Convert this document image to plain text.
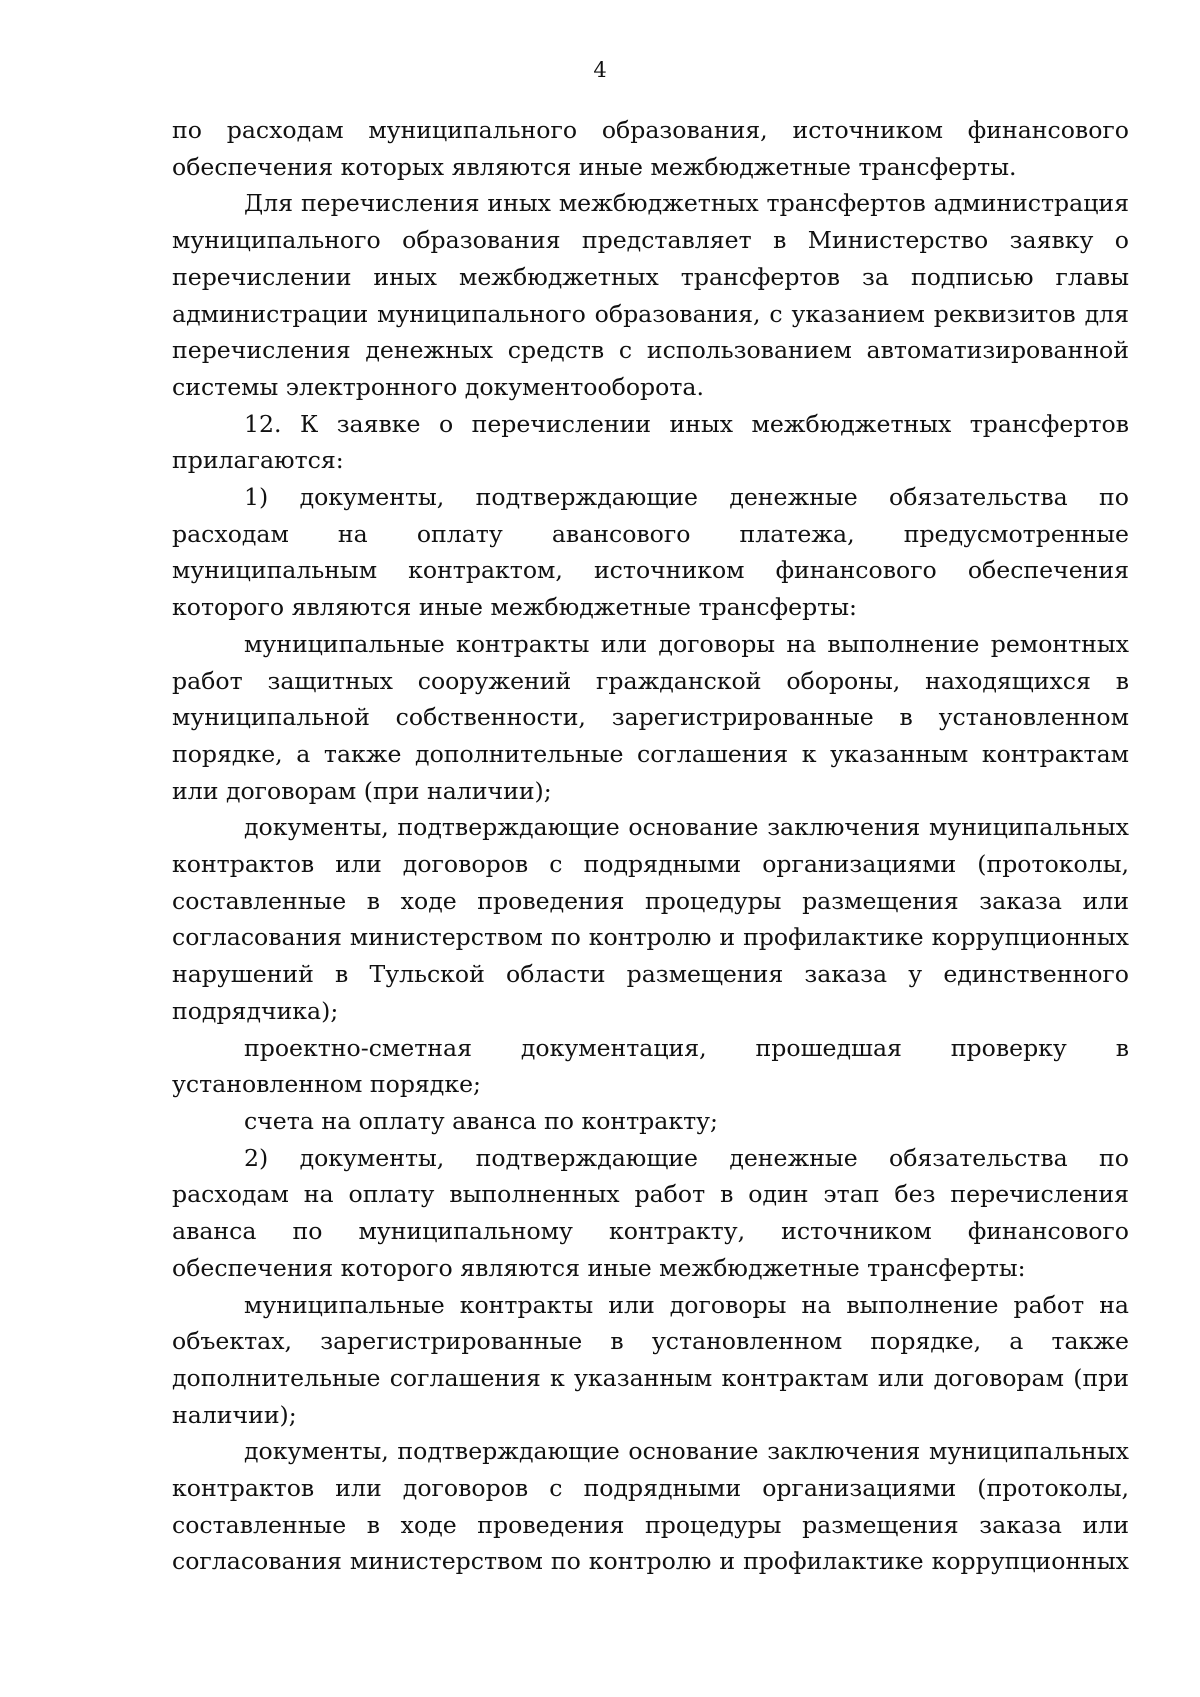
4

по расходам муниципального образования, источником финансового обеспечения которых являются иные межбюджетные трансферты.

Для перечисления иных межбюджетных трансфертов администрация муниципального образования представляет в Министерство заявку о перечислении иных межбюджетных трансфертов за подписью главы администрации муниципального образования, с указанием реквизитов для перечисления денежных средств с использованием автоматизированной системы электронного документооборота.

12. К заявке о перечислении иных межбюджетных трансфертов прилагаются:

1) документы, подтверждающие денежные обязательства по расходам на оплату авансового платежа, предусмотренные муниципальным контрактом, источником финансового обеспечения которого являются иные межбюджетные трансферты:

муниципальные контракты или договоры на выполнение ремонтных работ защитных сооружений гражданской обороны, находящихся в муниципальной собственности, зарегистрированные в установленном порядке, а также дополнительные соглашения к указанным контрактам или договорам (при наличии);

документы, подтверждающие основание заключения муниципальных контрактов или договоров с подрядными организациями (протоколы, составленные в ходе проведения процедуры размещения заказа или согласования министерством по контролю и профилактике коррупционных нарушений в Тульской области размещения заказа у единственного подрядчика);

проектно-сметная документация, прошедшая проверку в установленном порядке;

счета на оплату аванса по контракту;

2) документы, подтверждающие денежные обязательства по расходам на оплату выполненных работ в один этап без перечисления аванса по муниципальному контракту, источником финансового обеспечения которого являются иные межбюджетные трансферты:

муниципальные контракты или договоры на выполнение работ на объектах, зарегистрированные в установленном порядке, а также дополнительные соглашения к указанным контрактам или договорам (при наличии);

документы, подтверждающие основание заключения муниципальных контрактов или договоров с подрядными организациями (протоколы, составленные в ходе проведения процедуры размещения заказа или согласования министерством по контролю и профилактике коррупционных
